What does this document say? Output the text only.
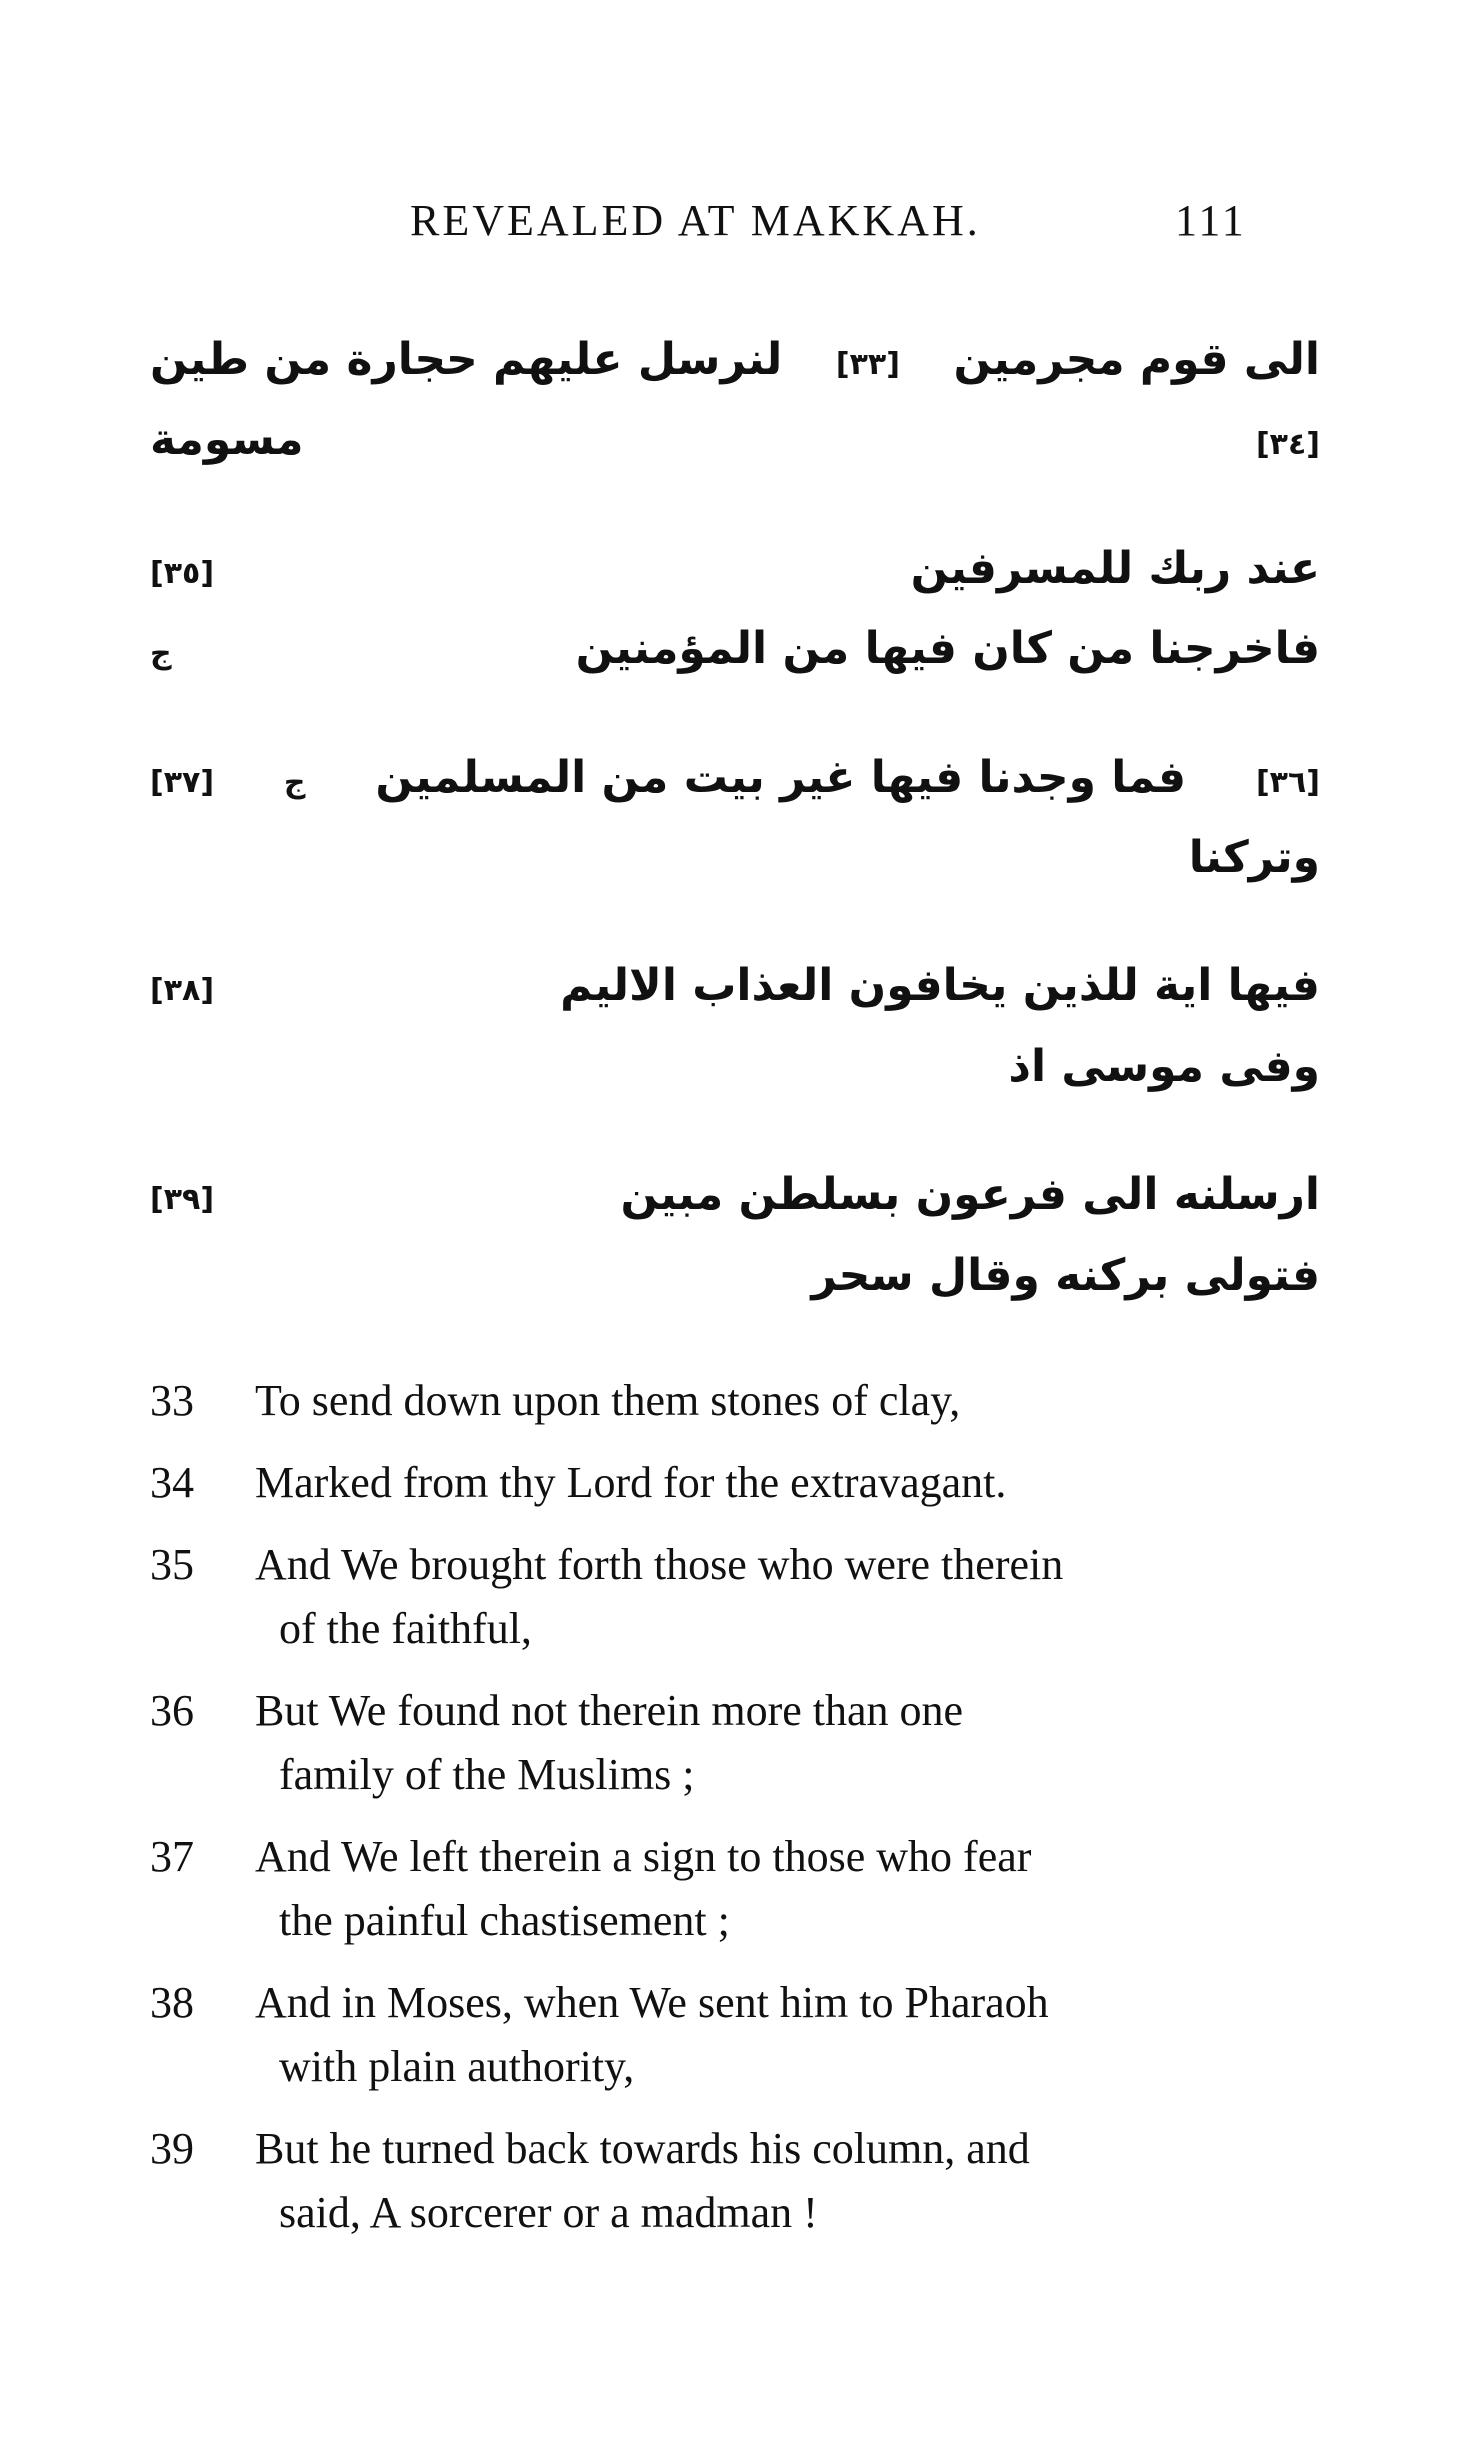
REVEALED AT MAKKAH.	111
الی قوم مجرمین
[٣٣]
لنرسل علیهم حجارة من طین
[٣٤]
مسومة
عند ربك للمسرفین
[٣٥]
فاخرجنا من کان فیها من المؤمنین
ج
[٣٦]
فما وجدنا فیها غیر بیت من المسلمین
ج
[٣٧]
وترکنا
فیها ایة للذین یخافون العذاب الالیم
[٣٨]
وفی موسی اذ
ارسلنه الی فرعون بسلطن مبین
[٣٩]
فتولی برکنه وقال سحر
33	To send down upon them stones of clay,
34	Marked from thy Lord for the extravagant.
35	And We brought forth those who were therein
of the faithful,
36	But We found not therein more than one
family of the Muslims ;
37	And We left therein a sign to those who fear
the painful chastisement ;
38	And in Moses, when We sent him to Pharaoh
with plain authority,
39	But he turned back towards his column, and
said, A sorcerer or a madman !
